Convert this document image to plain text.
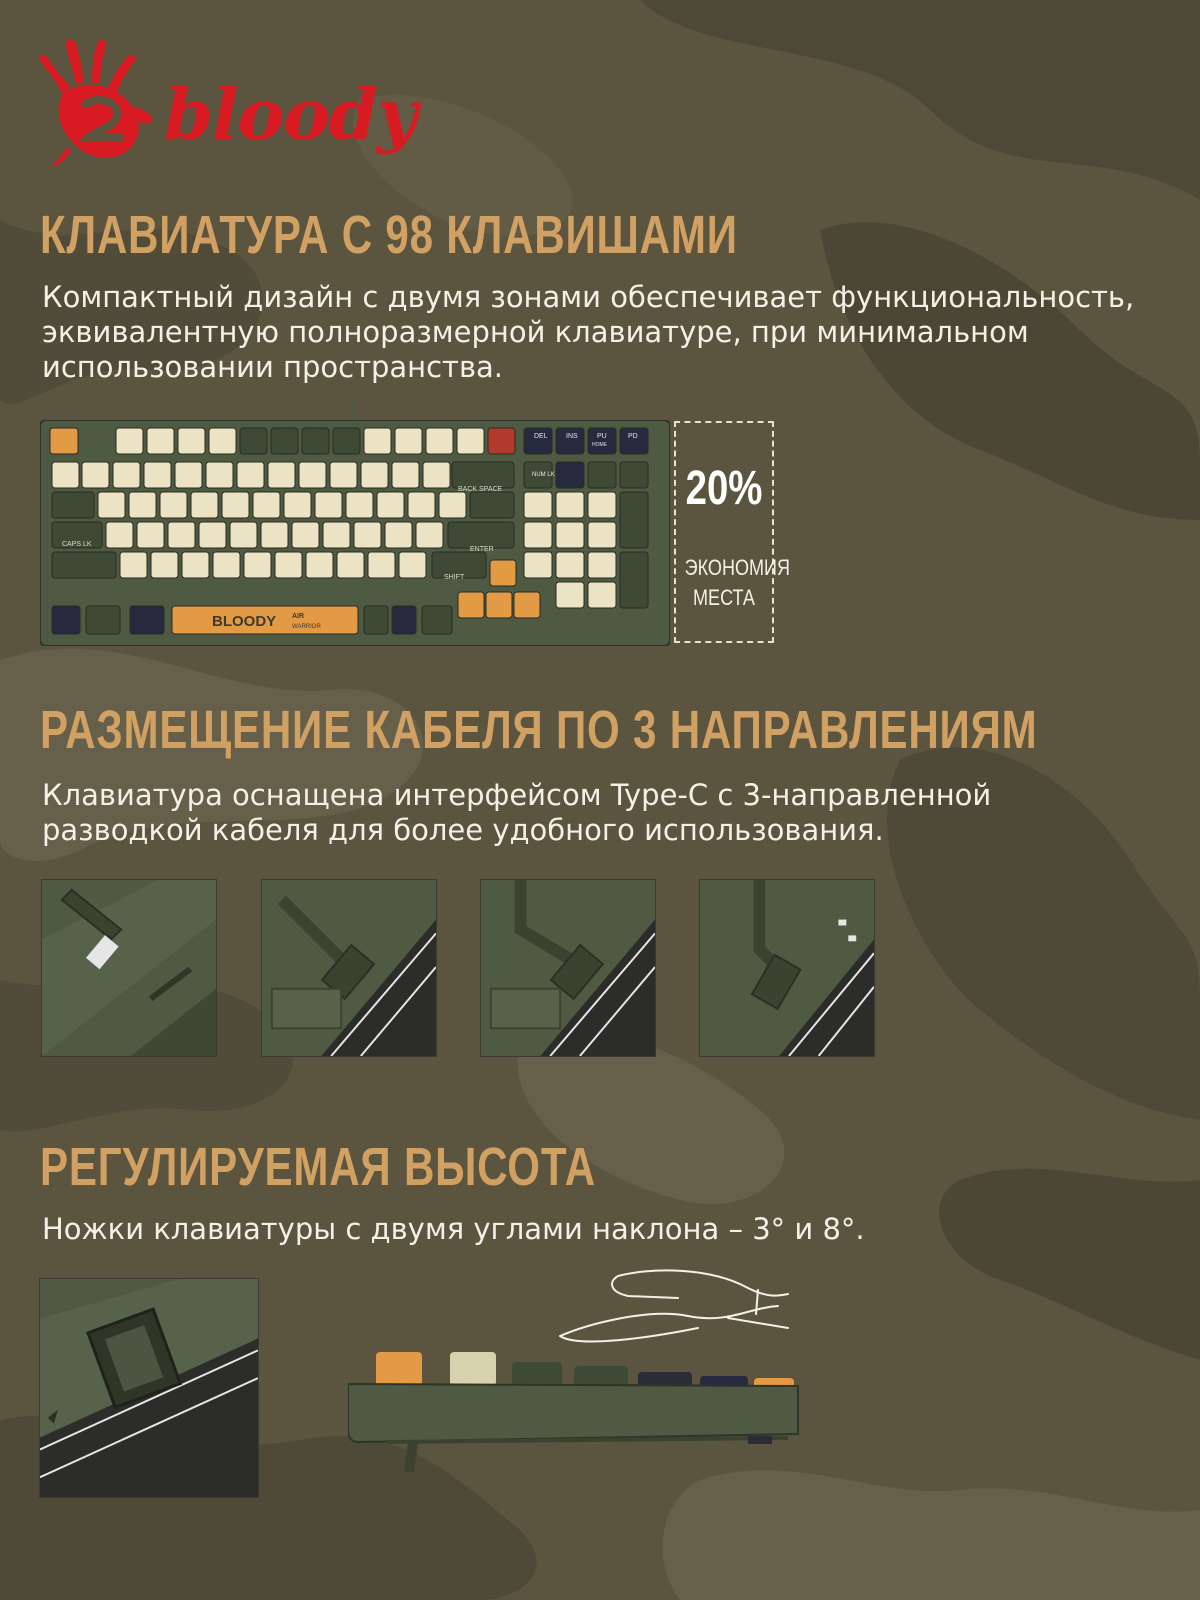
bloody
КЛАВИАТУРА С 98 КЛАВИШАМИ
Компактный дизайн с двумя зонами обеспечивает функциональность,
эквивалентную полноразмерной клавиатуре, при минимальном
использовании пространства.
BLOODY AIR
WARRIOR
BACK SPACE
ENTER
CAPS LK
SHIFT
DEL	INS	PU	PD
HOME
NUM LK	20%
ЭКОНОМИЯ
МЕСТА
РАЗМЕЩЕНИЕ КАБЕЛЯ ПО 3 НАПРАВЛЕНИЯМ
Клавиатура оснащена интерфейсом Type-C с 3-направленной
разводкой кабеля для более удобного использования.
РЕГУЛИРУЕМАЯ ВЫСОТА
Ножки клавиатуры с двумя углами наклона – 3° и 8°.
